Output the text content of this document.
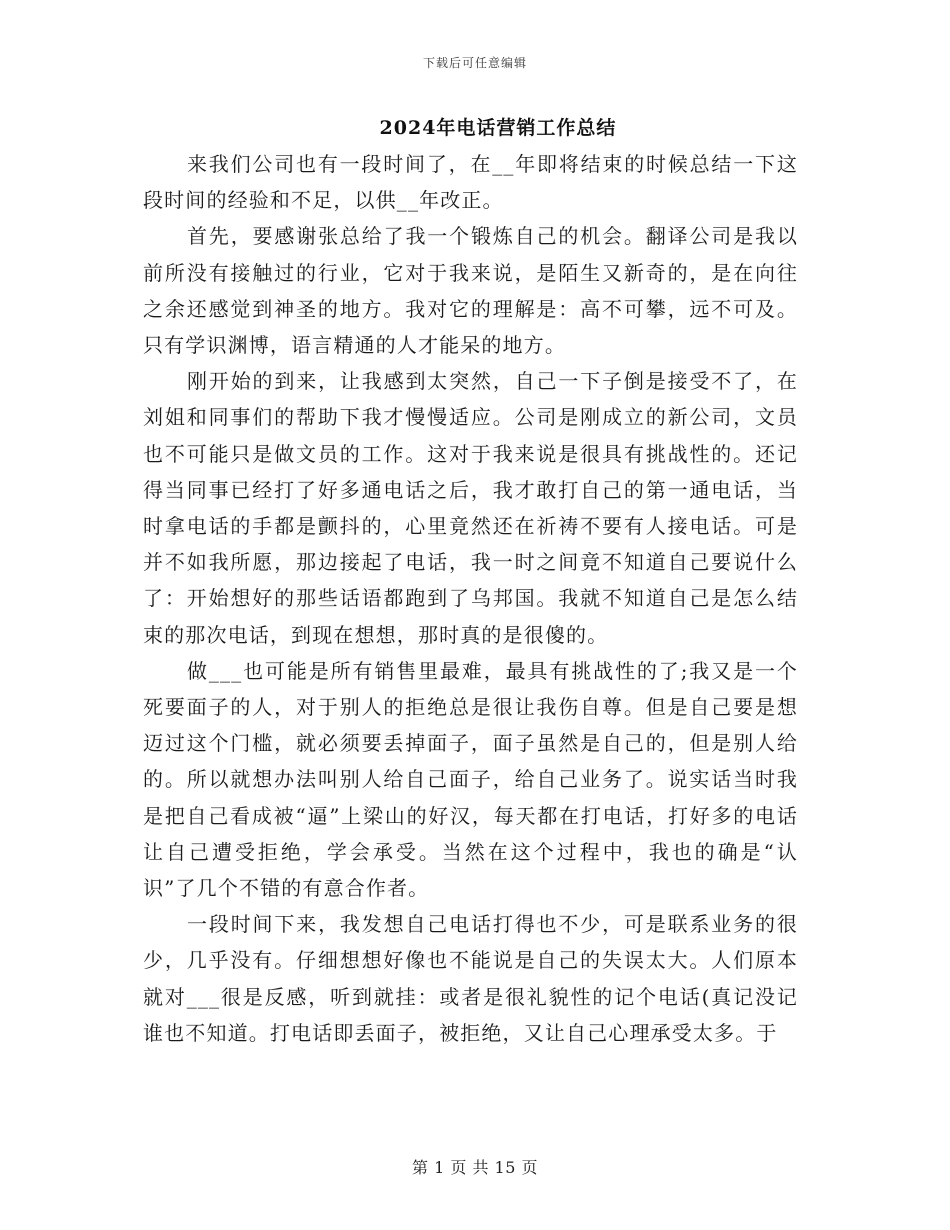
下载后可任意编辑
2024年电话营销工作总结

来我们公司也有一段时间了，在__年即将结束的时候总结一下这段时间的经验和不足，以供__年改正。

首先，要感谢张总给了我一个锻炼自己的机会。翻译公司是我以前所没有接触过的行业，它对于我来说，是陌生又新奇的，是在向往之余还感觉到神圣的地方。我对它的理解是：高不可攀，远不可及。只有学识渊博，语言精通的人才能呆的地方。

刚开始的到来，让我感到太突然，自己一下子倒是接受不了，在刘姐和同事们的帮助下我才慢慢适应。公司是刚成立的新公司，文员也不可能只是做文员的工作。这对于我来说是很具有挑战性的。还记得当同事已经打了好多通电话之后，我才敢打自己的第一通电话，当时拿电话的手都是颤抖的，心里竟然还在祈祷不要有人接电话。可是并不如我所愿，那边接起了电话，我一时之间竟不知道自己要说什么了：开始想好的那些话语都跑到了乌邦国。我就不知道自己是怎么结束的那次电话，到现在想想，那时真的是很傻的。

做___也可能是所有销售里最难，最具有挑战性的了;我又是一个死要面子的人，对于别人的拒绝总是很让我伤自尊。但是自己要是想迈过这个门槛，就必须要丢掉面子，面子虽然是自己的，但是别人给的。所以就想办法叫别人给自己面子，给自己业务了。说实话当时我是把自己看成被“逼”上梁山的好汉，每天都在打电话，打好多的电话让自己遭受拒绝，学会承受。当然在这个过程中，我也的确是“认识”了几个不错的有意合作者。

一段时间下来，我发想自己电话打得也不少，可是联系业务的很少，几乎没有。仔细想想好像也不能说是自己的失误太大。人们原本就对___很是反感，听到就挂：或者是很礼貌性的记个电话(真记没记谁也不知道。打电话即丢面子，被拒绝，又让自己心理承受太多。于

第 1 页 共 15 页
